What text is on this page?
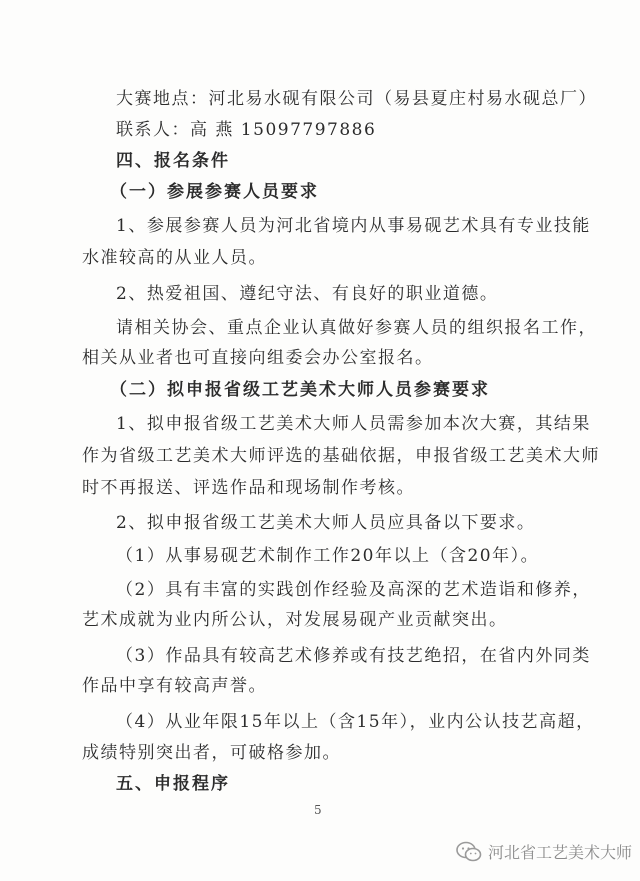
大赛地点：河北易水砚有限公司（易县夏庄村易水砚总厂）
联系人：高 燕 15097797886
四、报名条件
（一）参展参赛人员要求
1、参展参赛人员为河北省境内从事易砚艺术具有专业技能
水准较高的从业人员。
2、热爱祖国、遵纪守法、有良好的职业道德。
请相关协会、重点企业认真做好参赛人员的组织报名工作，
相关从业者也可直接向组委会办公室报名。
（二）拟申报省级工艺美术大师人员参赛要求
1、拟申报省级工艺美术大师人员需参加本次大赛，其结果
作为省级工艺美术大师评选的基础依据，申报省级工艺美术大师
时不再报送、评选作品和现场制作考核。
2、拟申报省级工艺美术大师人员应具备以下要求。
（1）从事易砚艺术制作工作20年以上（含20年）。
（2）具有丰富的实践创作经验及高深的艺术造诣和修养，
艺术成就为业内所公认，对发展易砚产业贡献突出。
（3）作品具有较高艺术修养或有技艺绝招，在省内外同类
作品中享有较高声誉。
（4）从业年限15年以上（含15年），业内公认技艺高超，
成绩特别突出者，可破格参加。
五、申报程序
5
河北省工艺美术大师
